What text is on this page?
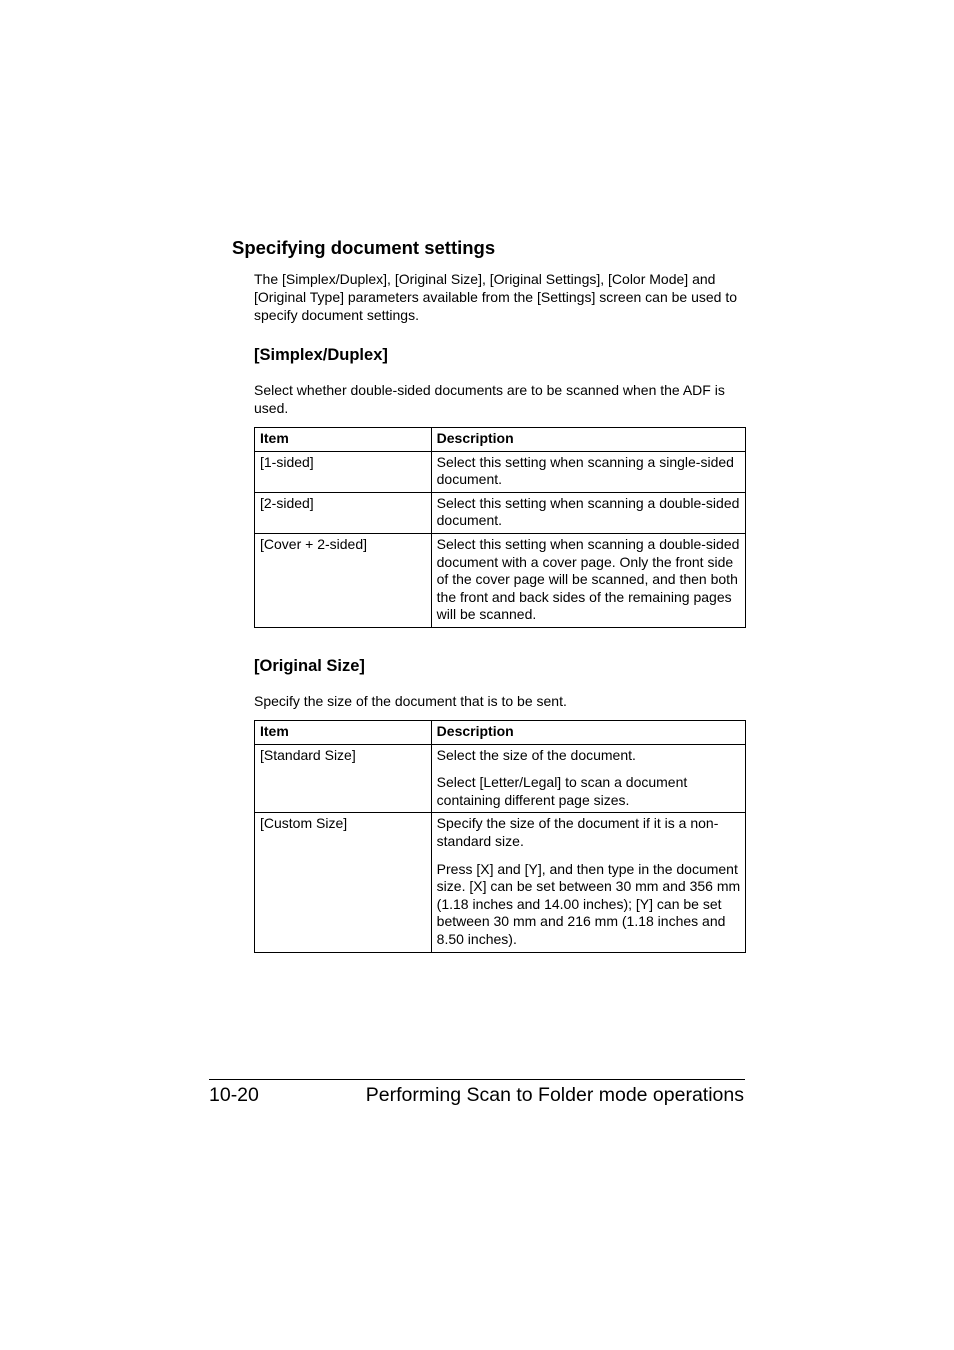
Specifying document settings

The [Simplex/Duplex], [Original Size], [Original Settings], [Color Mode] and [Original Type] parameters available from the [Settings] screen can be used to specify document settings.

[Simplex/Duplex]

Select whether double-sided documents are to be scanned when the ADF is used.

Item	Description
[1-sided]	Select this setting when scanning a single-sided document.

[2-sided]	Select this setting when scanning a double-sided document.

[Cover + 2-sided]	Select this setting when scanning a double-sided document with a cover page. Only the front side of the cover page will be scanned, and then both the front and back sides of the remaining pages will be scanned.
[Original Size]

Specify the size of the document that is to be sent.

Item	Description
[Standard Size]	Select the size of the document.
Select [Letter/Legal] to scan a document containing different page sizes.

[Custom Size]	Specify the size of the document if it is a non-standard size.
Press [X] and [Y], and then type in the document size. [X] can be set between 30 mm and 356 mm (1.18 inches and 14.00 inches); [Y] can be set between 30 mm and 216 mm (1.18 inches and 8.50 inches).
10-20	Performing Scan to Folder mode operations
